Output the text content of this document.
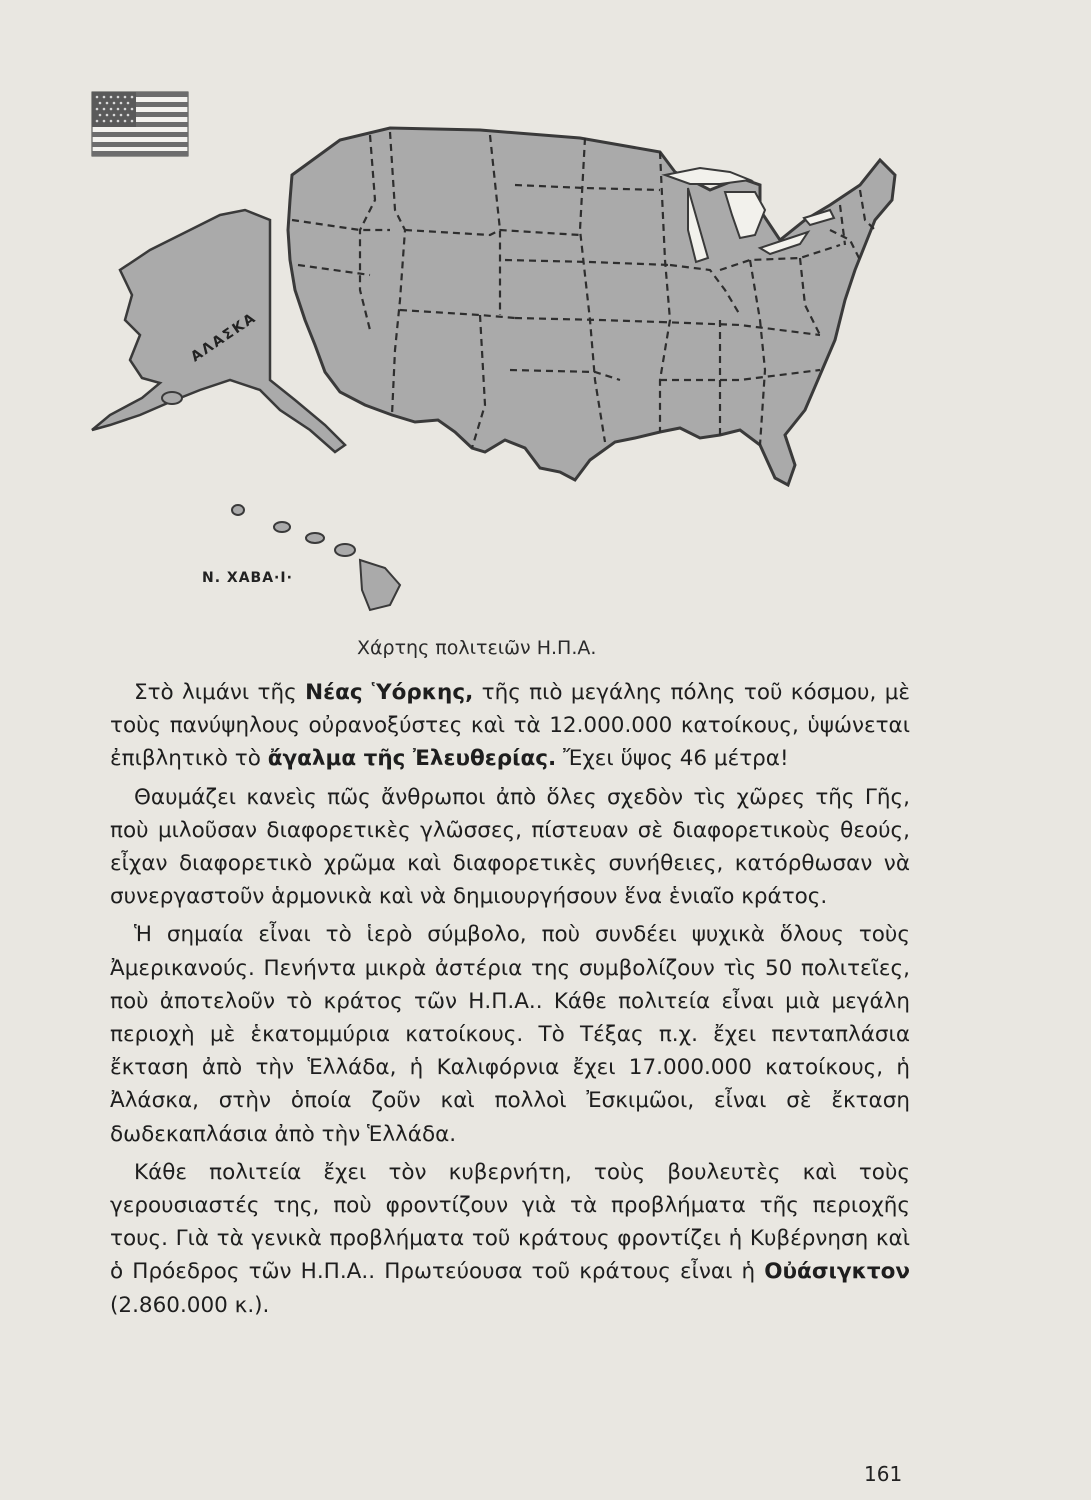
ΑΛΑΣΚΑ
Ν. ΧΑΒΑ·Ι·
Χάρτης πολιτειῶν Η.Π.Α.

Στὸ λιμάνι τῆς Νέας Ὑόρκης, τῆς πιὸ μεγάλης πόλης τοῦ κόσμου, μὲ τοὺς πανύψηλους οὐρανοξύστες καὶ τὰ 12.000.000 κατοίκους, ὑψώνεται ἐπιβλητικὸ τὸ ἄγαλμα τῆς Ἐλευθερίας. Ἔχει ὕψος 46 μέτρα!

Θαυμάζει κανεὶς πῶς ἄνθρωποι ἀπὸ ὅλες σχεδὸν τὶς χῶρες τῆς Γῆς, ποὺ μιλοῦσαν διαφορετικὲς γλῶσσες, πίστευαν σὲ διαφορετικοὺς θεούς, εἶχαν διαφορετικὸ χρῶμα καὶ διαφορετικὲς συνήθειες, κατόρθωσαν νὰ συνεργαστοῦν ἁρμονικὰ καὶ νὰ δημιουργήσουν ἕνα ἑνιαῖο κράτος.

Ἡ σημαία εἶναι τὸ ἱερὸ σύμβολο, ποὺ συνδέει ψυχικὰ ὅλους τοὺς Ἀμερικανούς. Πενήντα μικρὰ ἀστέρια της συμβολίζουν τὶς 50 πολιτεῖες, ποὺ ἀποτελοῦν τὸ κράτος τῶν Η.Π.Α.. Κάθε πολιτεία εἶναι μιὰ μεγάλη περιοχὴ μὲ ἑκατομμύρια κατοίκους. Τὸ Τέξας π.χ. ἔχει πενταπλάσια ἔκταση ἀπὸ τὴν Ἑλλάδα, ἡ Καλιφόρνια ἔχει 17.000.000 κατοίκους, ἡ Ἀλάσκα, στὴν ὁποία ζοῦν καὶ πολλοὶ Ἐσκιμῶοι, εἶναι σὲ ἔκταση δωδεκαπλάσια ἀπὸ τὴν Ἑλλάδα.

Κάθε πολιτεία ἔχει τὸν κυβερνήτη, τοὺς βουλευτὲς καὶ τοὺς γερουσιαστές της, ποὺ φροντίζουν γιὰ τὰ προβλήματα τῆς περιοχῆς τους. Γιὰ τὰ γενικὰ προβλήματα τοῦ κράτους φροντίζει ἡ Κυβέρνηση καὶ ὁ Πρόεδρος τῶν Η.Π.Α.. Πρωτεύουσα τοῦ κράτους εἶναι ἡ Οὐάσιγκτον (2.860.000 κ.).

161
